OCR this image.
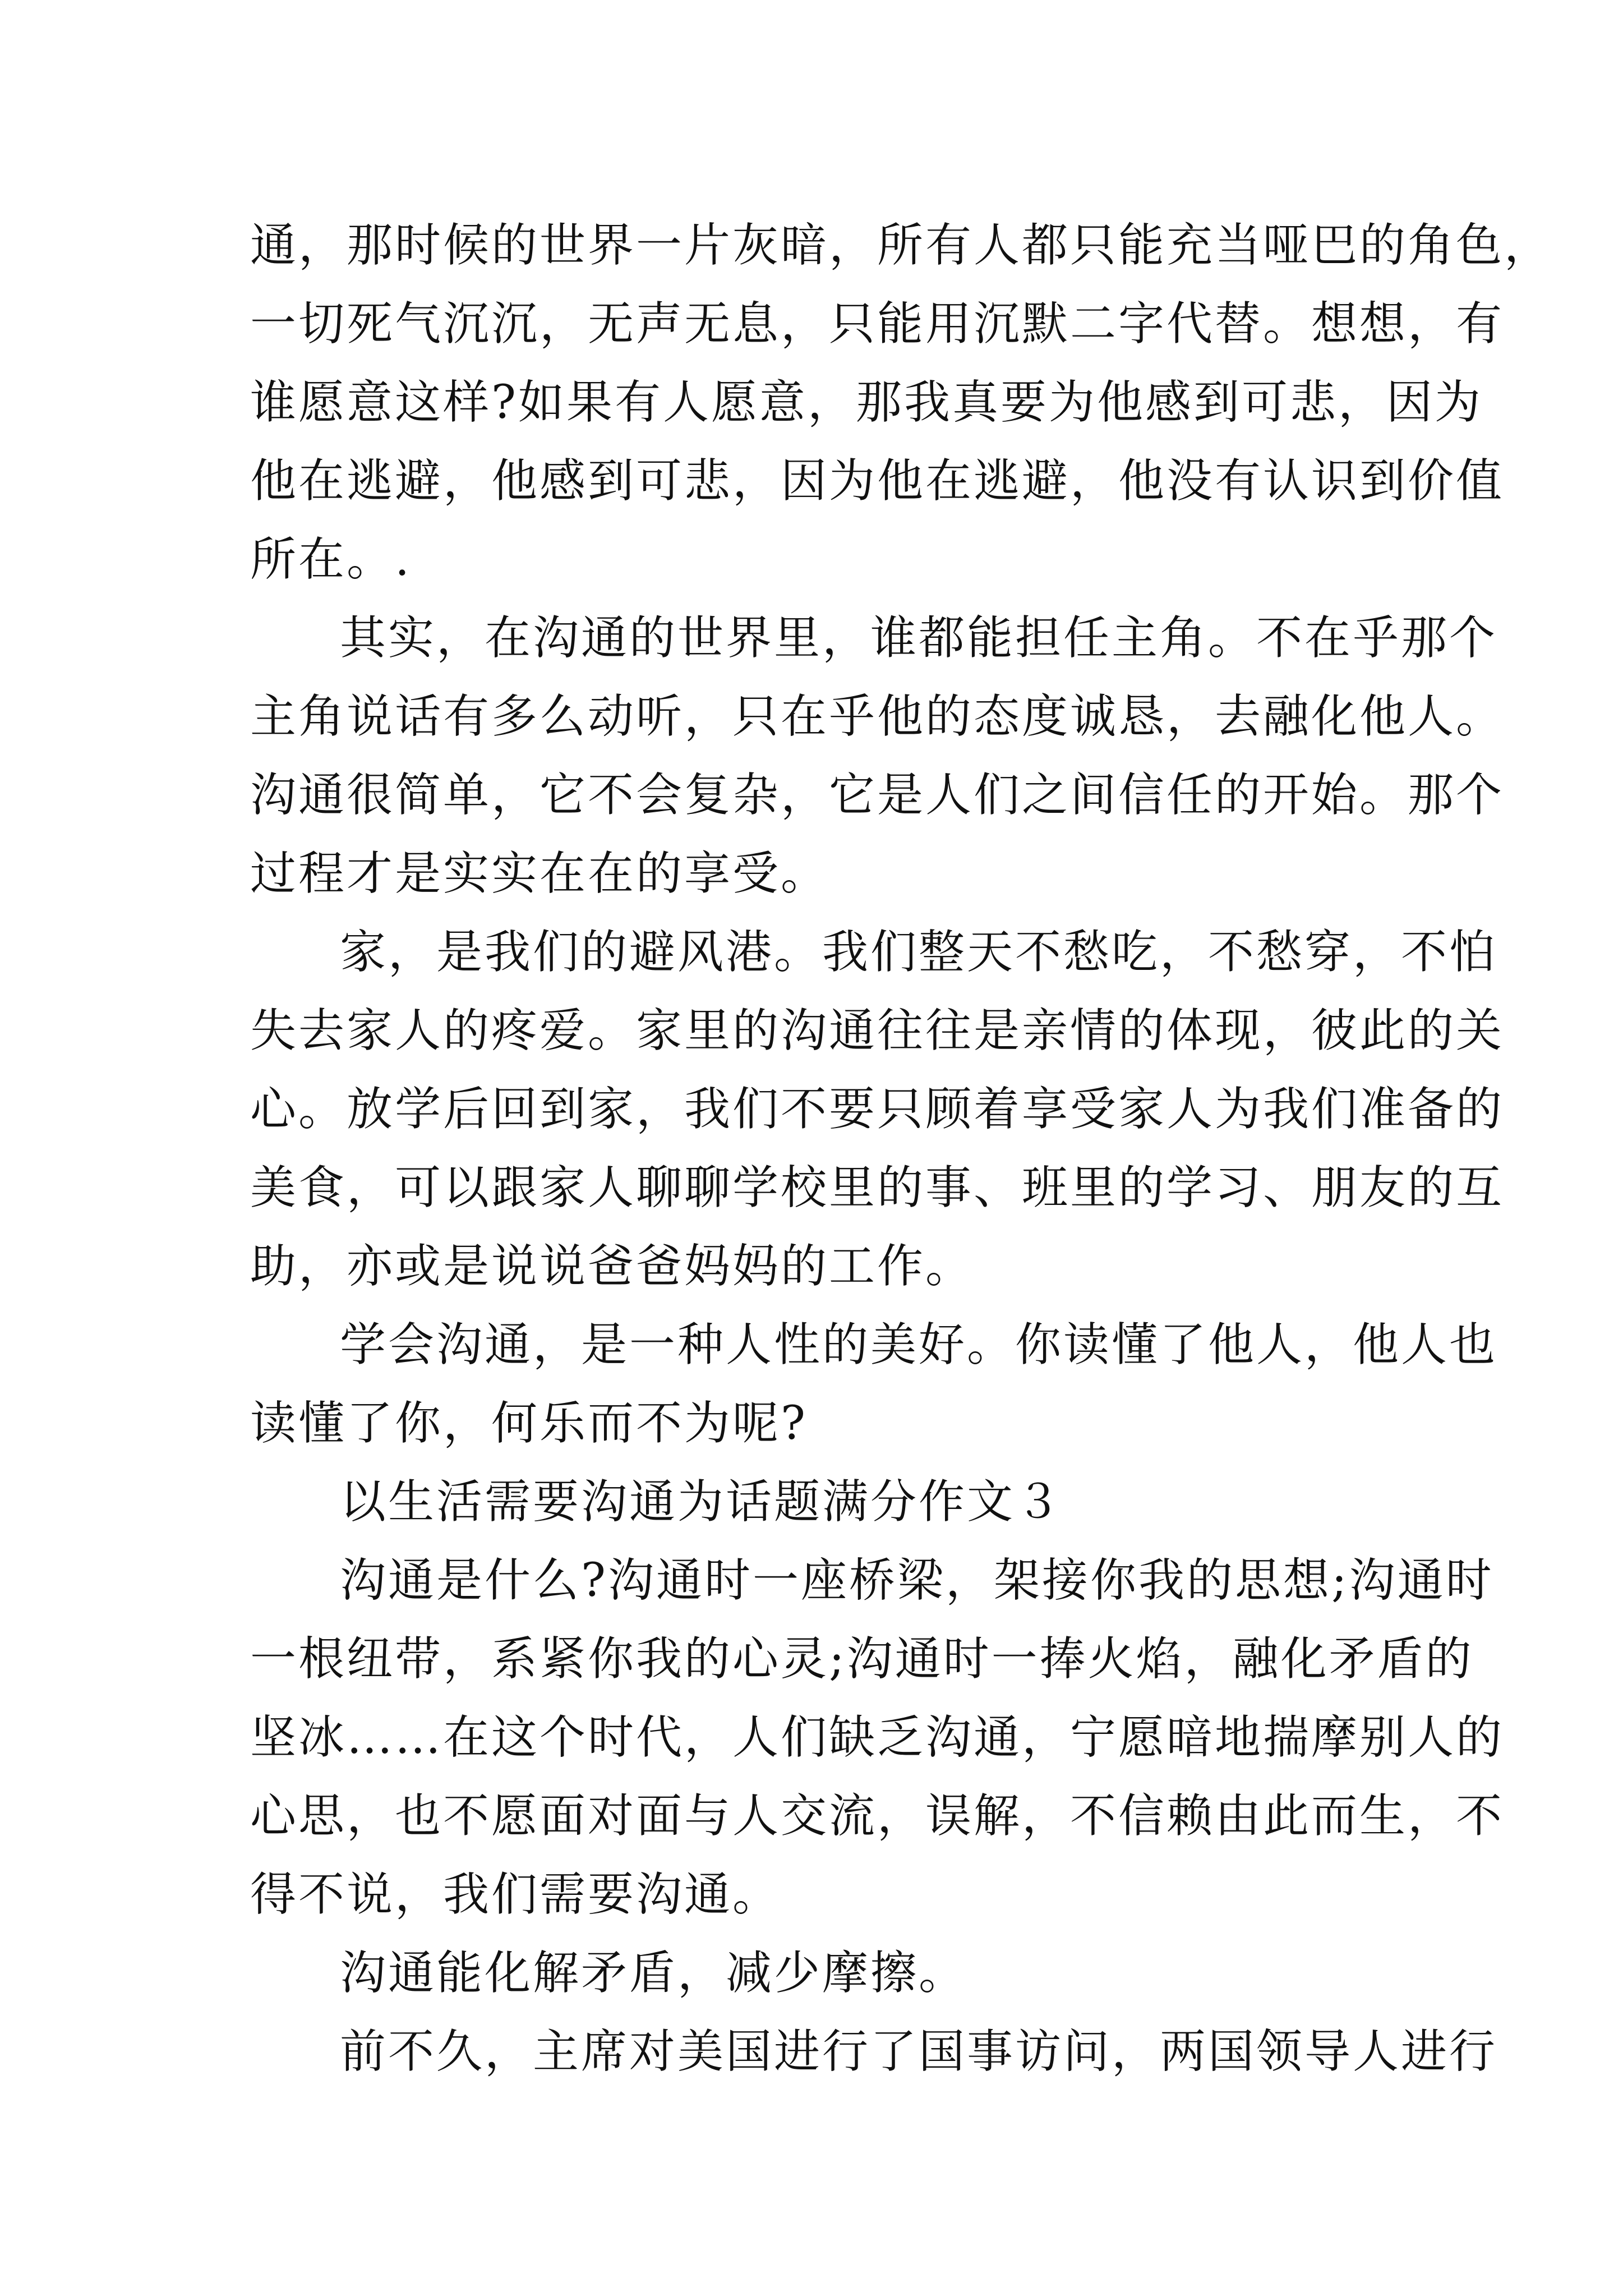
通，那时候的世界一片灰暗，所有人都只能充当哑巴的角色，
一切死气沉沉，无声无息，只能用沉默二字代替。想想，有
谁愿意这样?如果有人愿意，那我真要为他感到可悲，因为
他在逃避，他感到可悲，因为他在逃避，他没有认识到价值
所在。.
其实，在沟通的世界里，谁都能担任主角。不在乎那个
主角说话有多么动听，只在乎他的态度诚恳，去融化他人。
沟通很简单，它不会复杂，它是人们之间信任的开始。那个
过程才是实实在在的享受。
家，是我们的避风港。我们整天不愁吃，不愁穿，不怕
失去家人的疼爱。家里的沟通往往是亲情的体现，彼此的关
心。放学后回到家，我们不要只顾着享受家人为我们准备的
美食，可以跟家人聊聊学校里的事、班里的学习、朋友的互
助，亦或是说说爸爸妈妈的工作。
学会沟通，是一种人性的美好。你读懂了他人，他人也
读懂了你，何乐而不为呢?
以生活需要沟通为话题满分作文３
沟通是什么?沟通时一座桥梁，架接你我的思想;沟通时
一根纽带，系紧你我的心灵;沟通时一捧火焰，融化矛盾的
坚冰……在这个时代，人们缺乏沟通，宁愿暗地揣摩别人的
心思，也不愿面对面与人交流，误解，不信赖由此而生，不
得不说，我们需要沟通。
沟通能化解矛盾，减少摩擦。
前不久，主席对美国进行了国事访问，两国领导人进行
